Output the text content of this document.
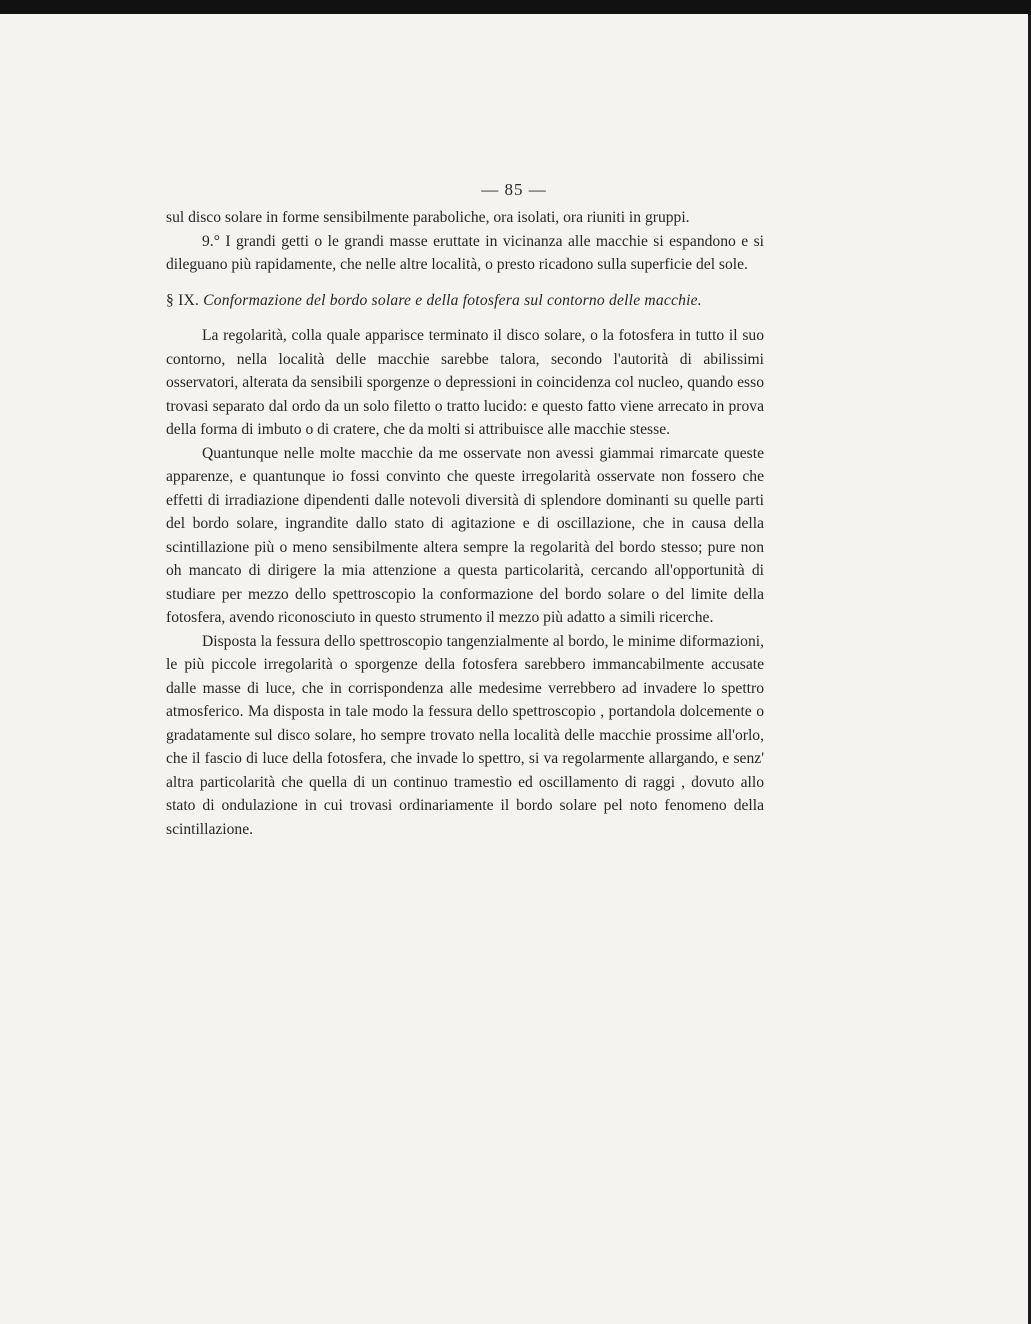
— 85 —

sul disco solare in forme sensibilmente paraboliche, ora isolati, ora riuniti in gruppi.

9.° I grandi getti o le grandi masse eruttate in vicinanza alle macchie si espandono e si dileguano più rapidamente, che nelle altre località, o presto ricadono sulla superficie del sole.

§ IX. Conformazione del bordo solare e della fotosfera sul contorno delle macchie.

La regolarità, colla quale apparisce terminato il disco solare, o la fotosfera in tutto il suo contorno, nella località delle macchie sarebbe talora, secondo l'autorità di abilissimi osservatori, alterata da sensibili sporgenze o depressioni in coincidenza col nucleo, quando esso trovasi separato dal ordo da un solo filetto o tratto lucido: e questo fatto viene arrecato in prova della forma di imbuto o di cratere, che da molti si attribuisce alle macchie stesse.

Quantunque nelle molte macchie da me osservate non avessi giammai rimarcate queste apparenze, e quantunque io fossi convinto che queste irregolarità osservate non fossero che effetti di irradiazione dipendenti dalle notevoli diversità di splendore dominanti su quelle parti del bordo solare, ingrandite dallo stato di agitazione e di oscillazione, che in causa della scintillazione più o meno sensibilmente altera sempre la regolarità del bordo stesso; pure non oh mancato di dirigere la mia attenzione a questa particolarità, cercando all'opportunità di studiare per mezzo dello spettroscopio la conformazione del bordo solare o del limite della fotosfera, avendo riconosciuto in questo strumento il mezzo più adatto a simili ricerche.

Disposta la fessura dello spettroscopio tangenzialmente al bordo, le minime diformazioni, le più piccole irregolarità o sporgenze della fotosfera sarebbero immancabilmente accusate dalle masse di luce, che in corrispondenza alle medesime verrebbero ad invadere lo spettro atmosferico. Ma disposta in tale modo la fessura dello spettroscopio , portandola dolcemente o gradatamente sul disco solare, ho sempre trovato nella località delle macchie prossime all'orlo, che il fascio di luce della fotosfera, che invade lo spettro, si va regolarmente allargando, e senz' altra particolarità che quella di un continuo tramestìo ed oscillamento di raggi , dovuto allo stato di ondulazione in cui trovasi ordinariamente il bordo solare pel noto fenomeno della scintillazione.
